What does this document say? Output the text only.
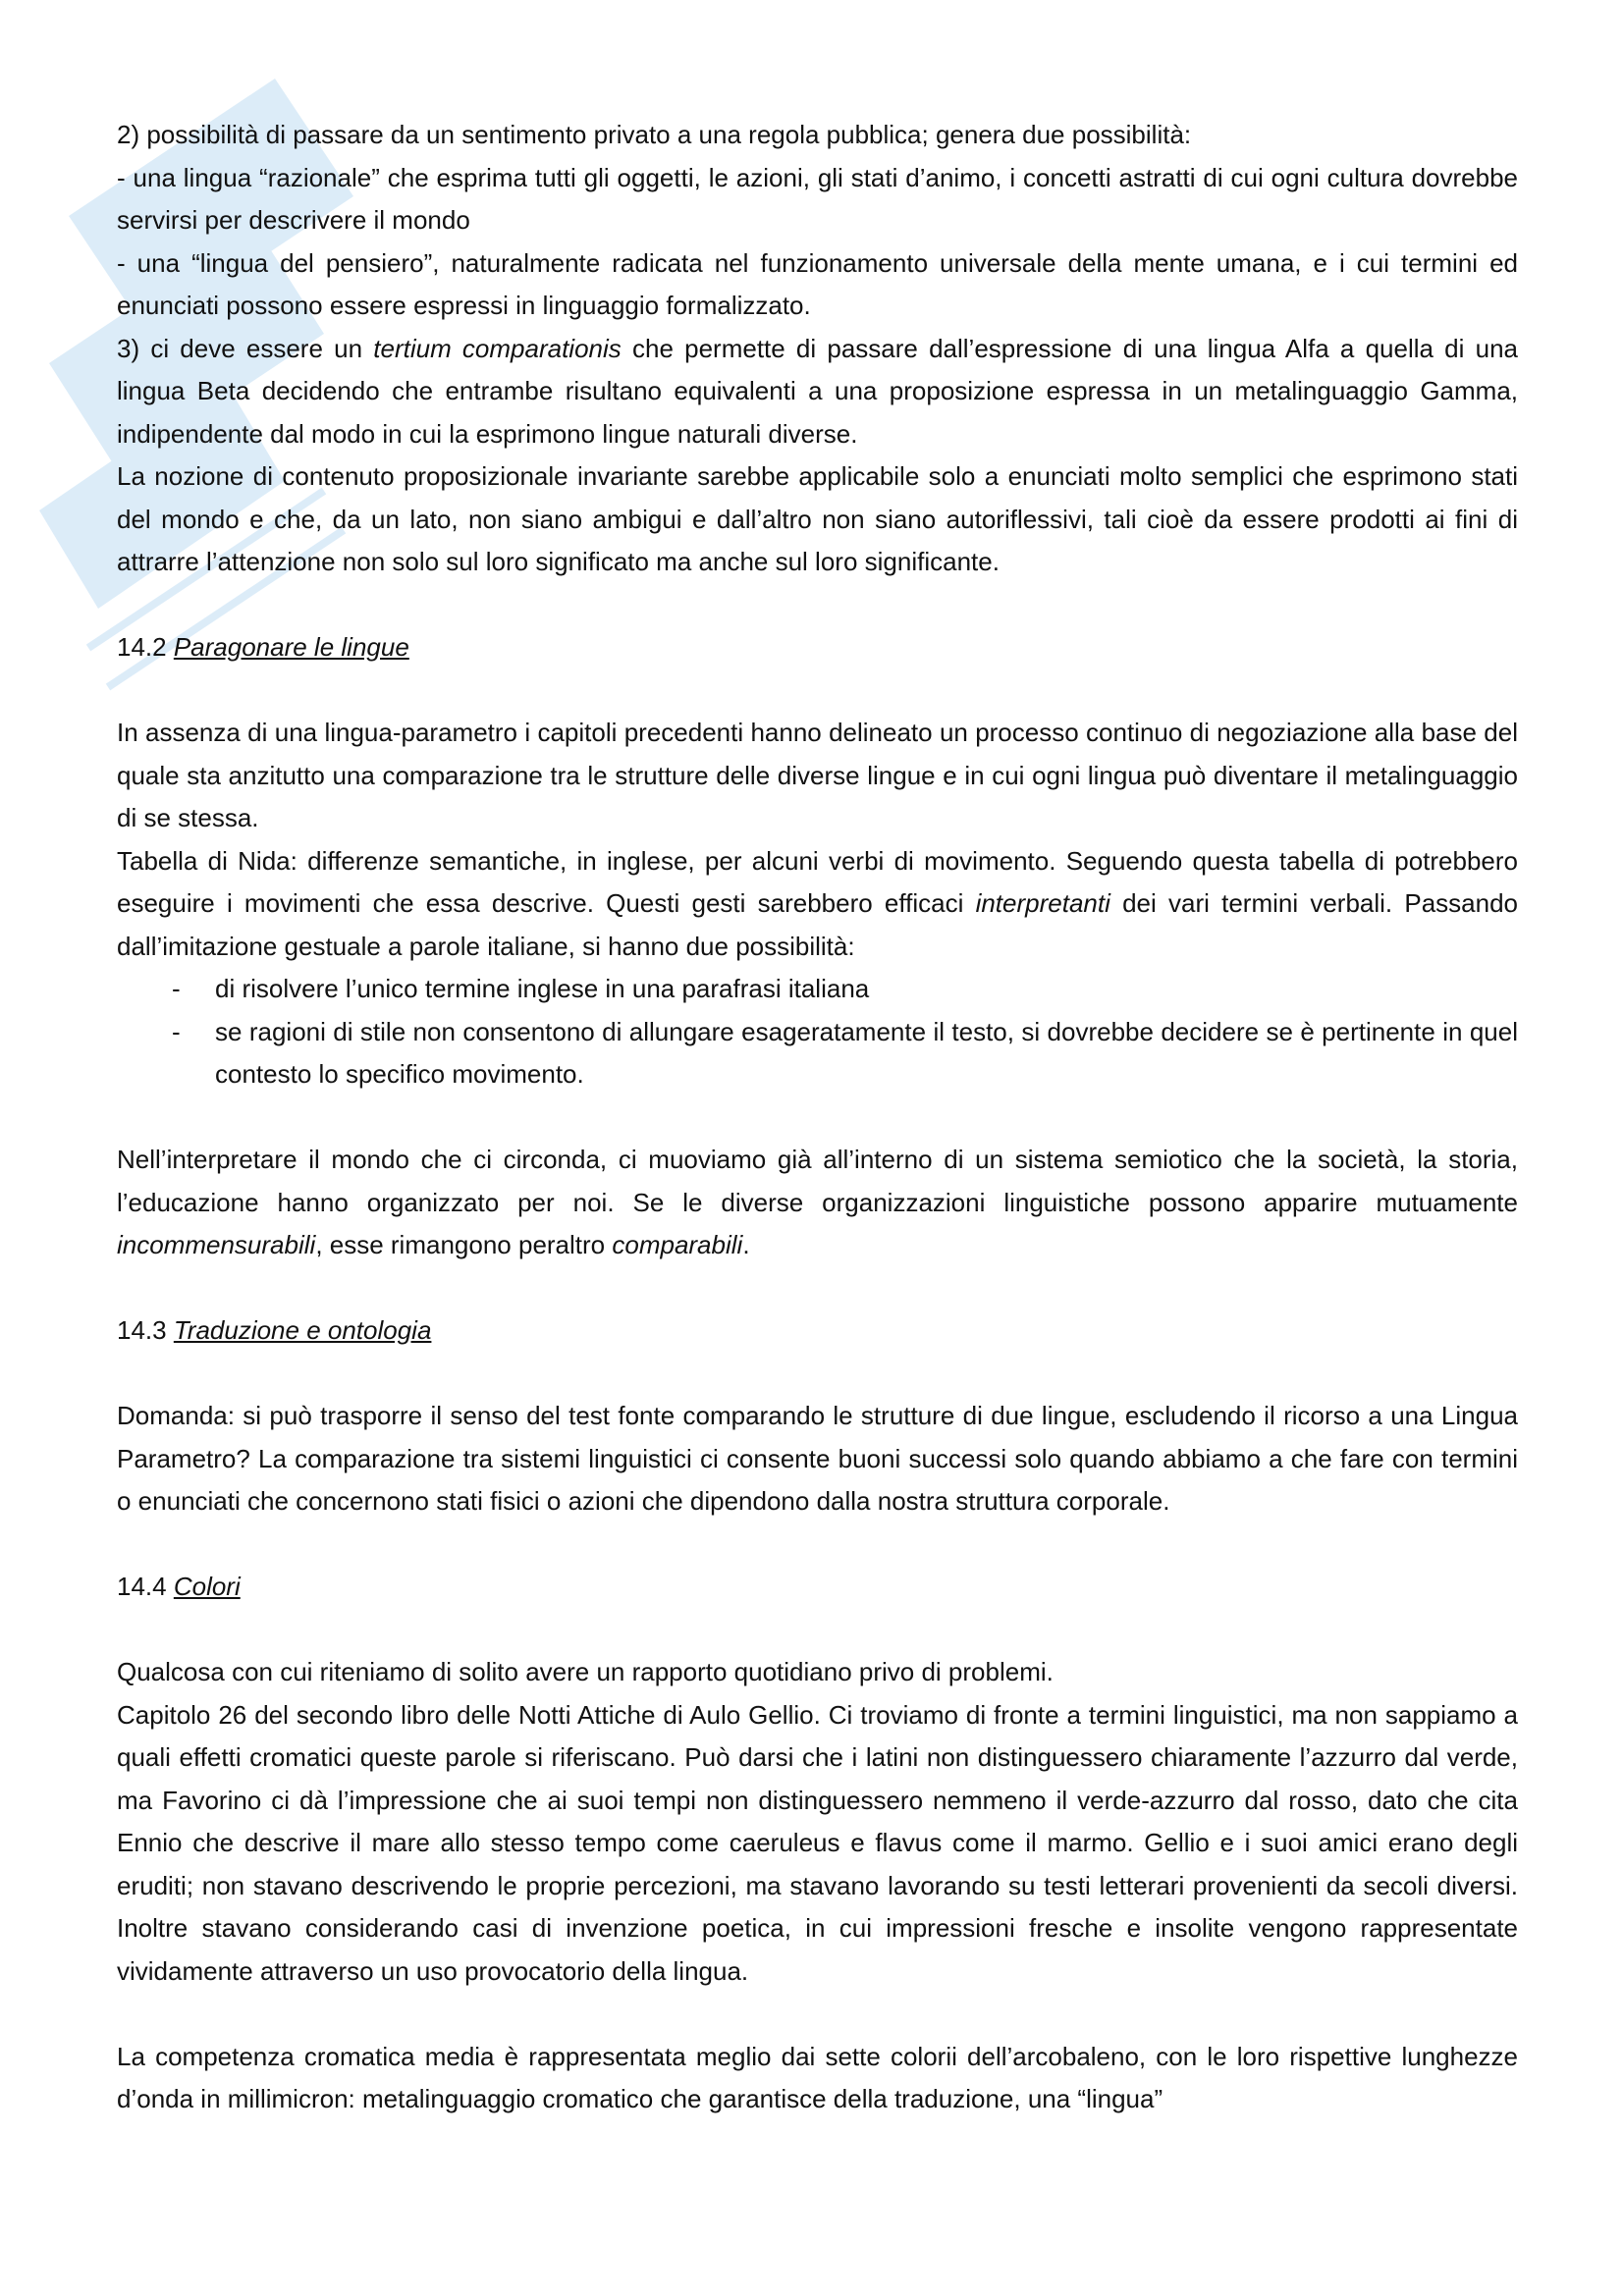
2) possibilità di passare da un sentimento privato a una regola pubblica; genera due possibilità:

- una lingua “razionale” che esprima tutti gli oggetti, le azioni, gli stati d’animo, i concetti astratti di cui ogni cultura dovrebbe servirsi per descrivere il mondo

- una “lingua del pensiero”, naturalmente radicata nel funzionamento universale della mente umana, e i cui termini ed enunciati possono essere espressi in linguaggio formalizzato.

3) ci deve essere un tertium comparationis che permette di passare dall’espressione di una lingua Alfa a quella di una lingua Beta decidendo che entrambe risultano equivalenti a una proposizione espressa in un metalinguaggio Gamma, indipendente dal modo in cui la esprimono lingue naturali diverse.

La nozione di contenuto proposizionale invariante sarebbe applicabile solo a enunciati molto semplici che esprimono stati del mondo e che, da un lato, non siano ambigui e dall’altro non siano autoriflessivi, tali cioè da essere prodotti ai fini di attrarre l’attenzione non solo sul loro significato ma anche sul loro significante.

14.2 Paragonare le lingue

In assenza di una lingua-parametro i capitoli precedenti hanno delineato un processo continuo di negoziazione alla base del quale sta anzitutto una comparazione tra le strutture delle diverse lingue e in cui ogni lingua può diventare il metalinguaggio di se stessa.

Tabella di Nida: differenze semantiche, in inglese, per alcuni verbi di movimento. Seguendo questa tabella di potrebbero eseguire i movimenti che essa descrive. Questi gesti sarebbero efficaci interpretanti dei vari termini verbali. Passando dall’imitazione gestuale a parole italiane, si hanno due possibilità:

- di risolvere l’unico termine inglese in una parafrasi italiana
- se ragioni di stile non consentono di allungare esageratamente il testo, si dovrebbe decidere se è pertinente in quel contesto lo specifico movimento.

Nell’interpretare il mondo che ci circonda, ci muoviamo già all’interno di un sistema semiotico che la società, la storia, l’educazione hanno organizzato per noi. Se le diverse organizzazioni linguistiche possono apparire mutuamente incommensurabili, esse rimangono peraltro comparabili.

14.3 Traduzione e ontologia

Domanda: si può trasporre il senso del test fonte comparando le strutture di due lingue, escludendo il ricorso a una Lingua Parametro? La comparazione tra sistemi linguistici ci consente buoni successi solo quando abbiamo a che fare con termini o enunciati che concernono stati fisici o azioni che dipendono dalla nostra struttura corporale.

14.4 Colori

Qualcosa con cui riteniamo di solito avere un rapporto quotidiano privo di problemi.

Capitolo 26 del secondo libro delle Notti Attiche di Aulo Gellio. Ci troviamo di fronte a termini linguistici, ma non sappiamo a quali effetti cromatici queste parole si riferiscano. Può darsi che i latini non distinguessero chiaramente l’azzurro dal verde, ma Favorino ci dà l’impressione che ai suoi tempi non distinguessero nemmeno il verde-azzurro dal rosso, dato che cita Ennio che descrive il mare allo stesso tempo come caeruleus e flavus come il marmo. Gellio e i suoi amici erano degli eruditi; non stavano descrivendo le proprie percezioni, ma stavano lavorando su testi letterari provenienti da secoli diversi. Inoltre stavano considerando casi di invenzione poetica, in cui impressioni fresche e insolite vengono rappresentate vividamente attraverso un uso provocatorio della lingua.

La competenza cromatica media è rappresentata meglio dai sette colorii dell’arcobaleno, con le loro rispettive lunghezze d’onda in millimicron: metalinguaggio cromatico che garantisce della traduzione, una “lingua”
